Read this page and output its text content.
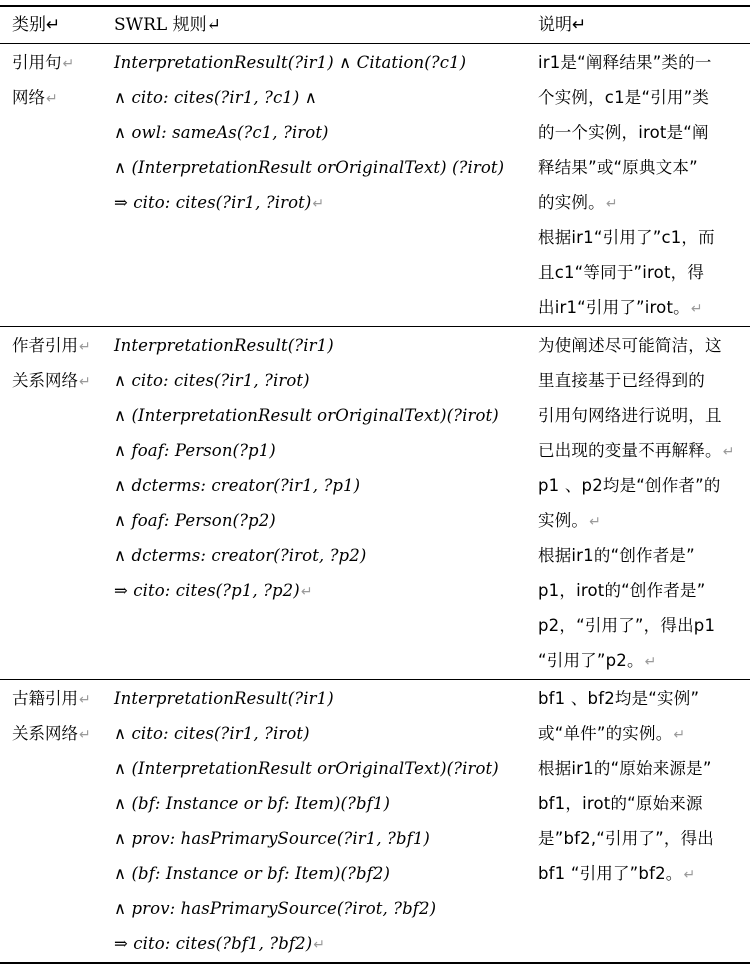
类别↵	SWRL 规则↵	说明↵
引用句↵
网络↵
InterpretationResult(?ir1) ∧ Citation(?c1)
∧ cito: cites(?ir1, ?c1) ∧
∧ owl: sameAs(?c1, ?irot)
∧ (InterpretationResult orOriginalText) (?irot)
⇒ cito: cites(?ir1, ?irot)↵
ir1是“阐释结果”类的一
个实例，c1是“引用”类
的一个实例，irot是“阐
释结果”或“原典文本”
的实例。↵
根据ir1“引用了”c1，而
且c1“等同于”irot，得
出ir1“引用了”irot。↵
作者引用↵
关系网络↵
InterpretationResult(?ir1)
∧ cito: cites(?ir1, ?irot)
∧ (InterpretationResult orOriginalText)(?irot)
∧ foaf: Person(?p1)
∧ dcterms: creator(?ir1, ?p1)
∧ foaf: Person(?p2)
∧ dcterms: creator(?irot, ?p2)
⇒ cito: cites(?p1, ?p2)↵
为使阐述尽可能简洁，这
里直接基于已经得到的
引用句网络进行说明，且
已出现的变量不再解释。↵
p1 、p2均是“创作者”的
实例。↵
根据ir1的“创作者是”
p1，irot的“创作者是”
p2，“引用了”，得出p1
“引用了”p2。↵
古籍引用↵
关系网络↵
InterpretationResult(?ir1)
∧ cito: cites(?ir1, ?irot)
∧ (InterpretationResult orOriginalText)(?irot)
∧ (bf: Instance or bf: Item)(?bf1)
∧ prov: hasPrimarySource(?ir1, ?bf1)
∧ (bf: Instance or bf: Item)(?bf2)
∧ prov: hasPrimarySource(?irot, ?bf2)
⇒ cito: cites(?bf1, ?bf2)↵
bf1 、bf2均是“实例”
或“单件”的实例。↵
根据ir1的“原始来源是”
bf1，irot的“原始来源
是”bf2,“引用了”，得出
bf1 “引用了”bf2。↵
